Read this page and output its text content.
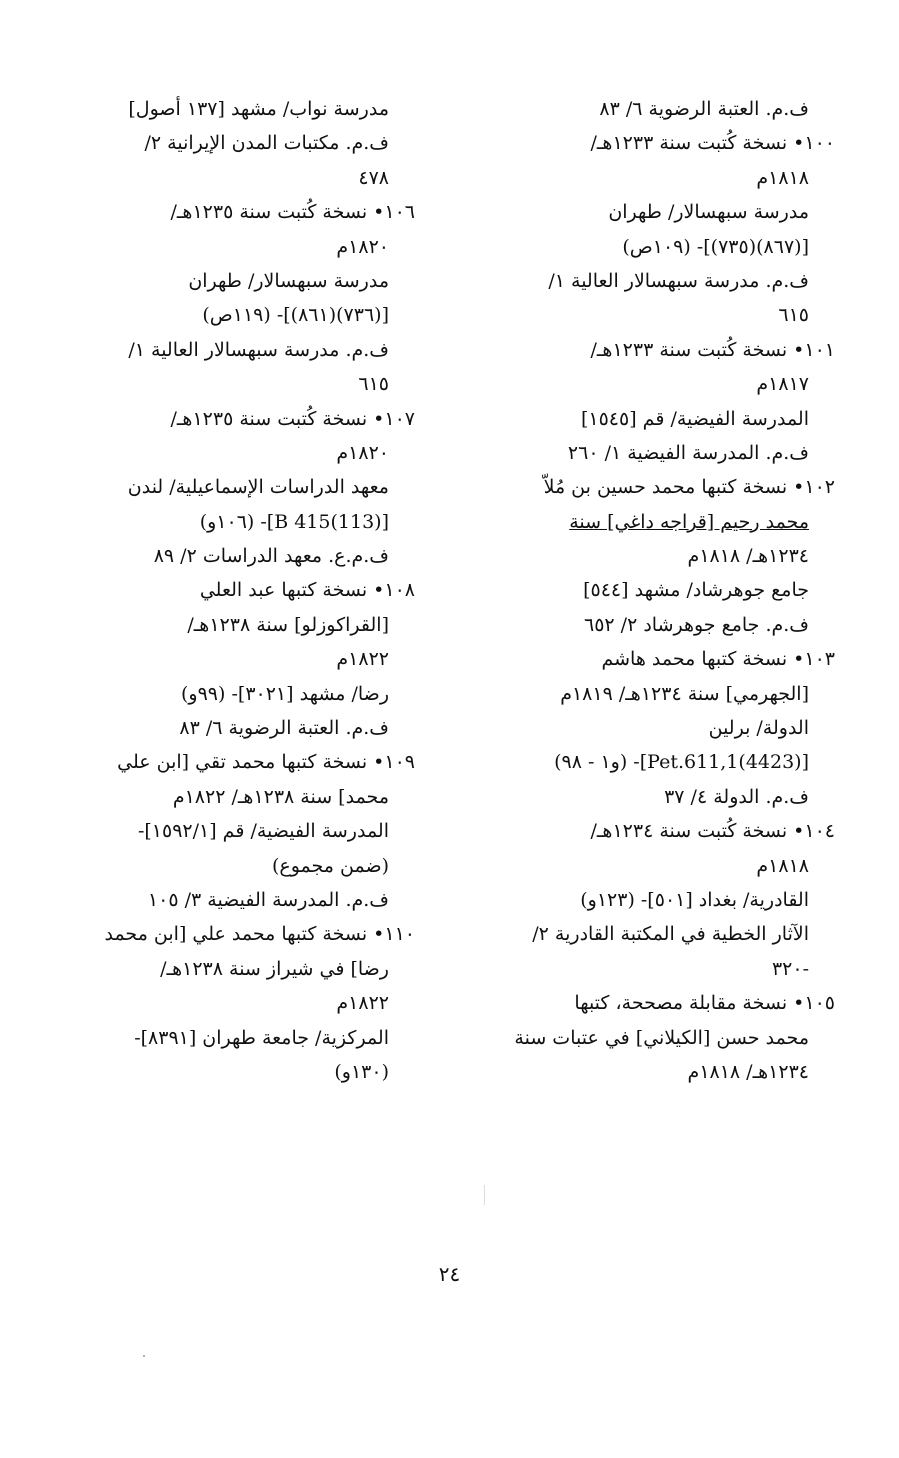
ف.م. العتبة الرضوية ٦/ ٨٣
١٠٠• نسخة كُتبت سنة ١٢٣٣هـ/
١٨١٨م
مدرسة سبهسالار/ طهران
[(٨٦٧)(٧٣٥)]- (١٠٩ص)
ف.م. مدرسة سبهسالار العالية ١/
٦١٥
١٠١• نسخة كُتبت سنة ١٢٣٣هـ/
١٨١٧م
المدرسة الفيضية/ قم [١٥٤٥]
ف.م. المدرسة الفيضية ١/ ٢٦٠
١٠٢• نسخة كتبها محمد حسين بن مُلاّ
محمد رحيم [قراجه داغي] سنة
١٢٣٤هـ/ ١٨١٨م
جامع جوهرشاد/ مشهد [٥٤٤]
ف.م. جامع جوهرشاد ٢/ ٦٥٢
١٠٣• نسخة كتبها محمد هاشم
[الجهرمي] سنة ١٢٣٤هـ/ ١٨١٩م
الدولة/ برلين
[(4423)Pet.611,1]- (و١ - ٩٨)
ف.م. الدولة ٤/ ٣٧
١٠٤• نسخة كُتبت سنة ١٢٣٤هـ/
١٨١٨م
القادرية/ بغداد [٥٠١]- (١٢٣و)
الآثار الخطية في المكتبة القادرية ٢/
-٣٢٠
١٠٥• نسخة مقابلة مصححة، كتبها
محمد حسن [الكيلاني] في عتبات سنة
١٢٣٤هـ/ ١٨١٨م
مدرسة نواب/ مشهد [١٣٧ أصول]
ف.م. مكتبات المدن الإيرانية ٢/
٤٧٨
١٠٦• نسخة كُتبت سنة ١٢٣٥هـ/
١٨٢٠م
مدرسة سبهسالار/ طهران
[(٧٣٦)(٨٦١)]- (١١٩ص)
ف.م. مدرسة سبهسالار العالية ١/
٦١٥
١٠٧• نسخة كُتبت سنة ١٢٣٥هـ/
١٨٢٠م
معهد الدراسات الإسماعيلية/ لندن
[(113)B 415]- (١٠٦و)
ف.م.ع. معهد الدراسات ٢/ ٨٩
١٠٨• نسخة كتبها عبد العلي
[القراكوزلو] سنة ١٢٣٨هـ/
١٨٢٢م
رضا/ مشهد [٣٠٢١]- (٩٩و)
ف.م. العتبة الرضوية ٦/ ٨٣
١٠٩• نسخة كتبها محمد تقي [ابن علي
محمد] سنة ١٢٣٨هـ/ ١٨٢٢م
المدرسة الفيضية/ قم [١٥٩٢/١]-
(ضمن مجموع)
ف.م. المدرسة الفيضية ٣/ ١٠٥
١١٠• نسخة كتبها محمد علي [ابن محمد
رضا] في شيراز سنة ١٢٣٨هـ/
١٨٢٢م
المركزية/ جامعة طهران [٨٣٩١]-
(١٣٠و)
٢٤
